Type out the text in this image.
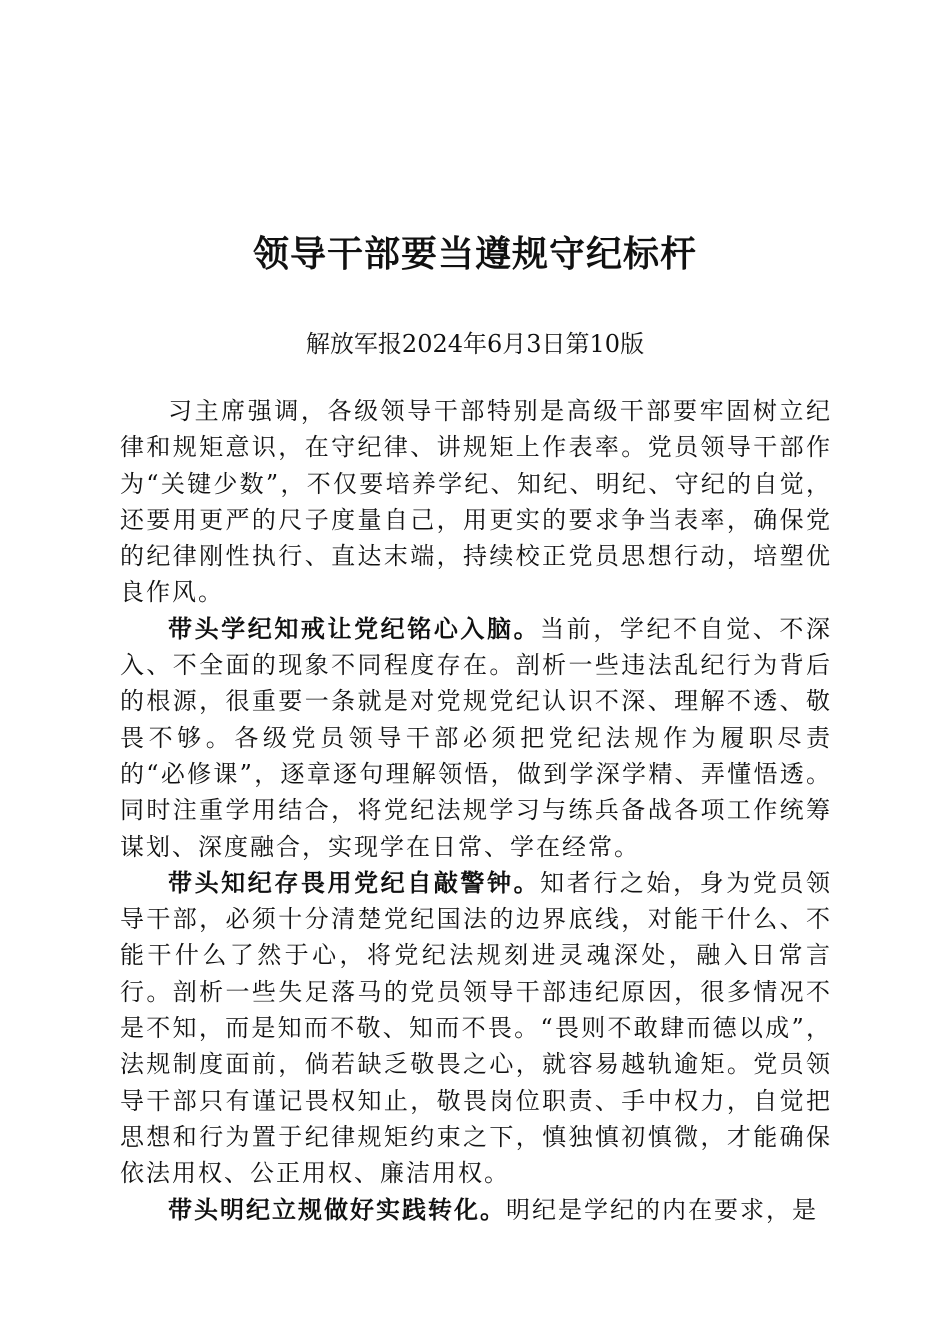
领导干部要当遵规守纪标杆
解放军报2024年6月3日第10版

习主席强调，各级领导干部特别是高级干部要牢固树立纪律和规矩意识，在守纪律、讲规矩上作表率。党员领导干部作为“关键少数”，不仅要培养学纪、知纪、明纪、守纪的自觉，还要用更严的尺子度量自己，用更实的要求争当表率，确保党的纪律刚性执行、直达末端，持续校正党员思想行动，培塑优良作风。

带头学纪知戒让党纪铭心入脑。当前，学纪不自觉、不深入、不全面的现象不同程度存在。剖析一些违法乱纪行为背后的根源，很重要一条就是对党规党纪认识不深、理解不透、敬畏不够。各级党员领导干部必须把党纪法规作为履职尽责的“必修课”，逐章逐句理解领悟，做到学深学精、弄懂悟透。同时注重学用结合，将党纪法规学习与练兵备战各项工作统筹谋划、深度融合，实现学在日常、学在经常。

带头知纪存畏用党纪自敲警钟。知者行之始，身为党员领导干部，必须十分清楚党纪国法的边界底线，对能干什么、不能干什么了然于心，将党纪法规刻进灵魂深处，融入日常言行。剖析一些失足落马的党员领导干部违纪原因，很多情况不是不知，而是知而不敬、知而不畏。“畏则不敢肆而德以成”，法规制度面前，倘若缺乏敬畏之心，就容易越轨逾矩。党员领导干部只有谨记畏权知止，敬畏岗位职责、手中权力，自觉把思想和行为置于纪律规矩约束之下，慎独慎初慎微，才能确保依法用权、公正用权、廉洁用权。

带头明纪立规做好实践转化。明纪是学纪的内在要求，是
